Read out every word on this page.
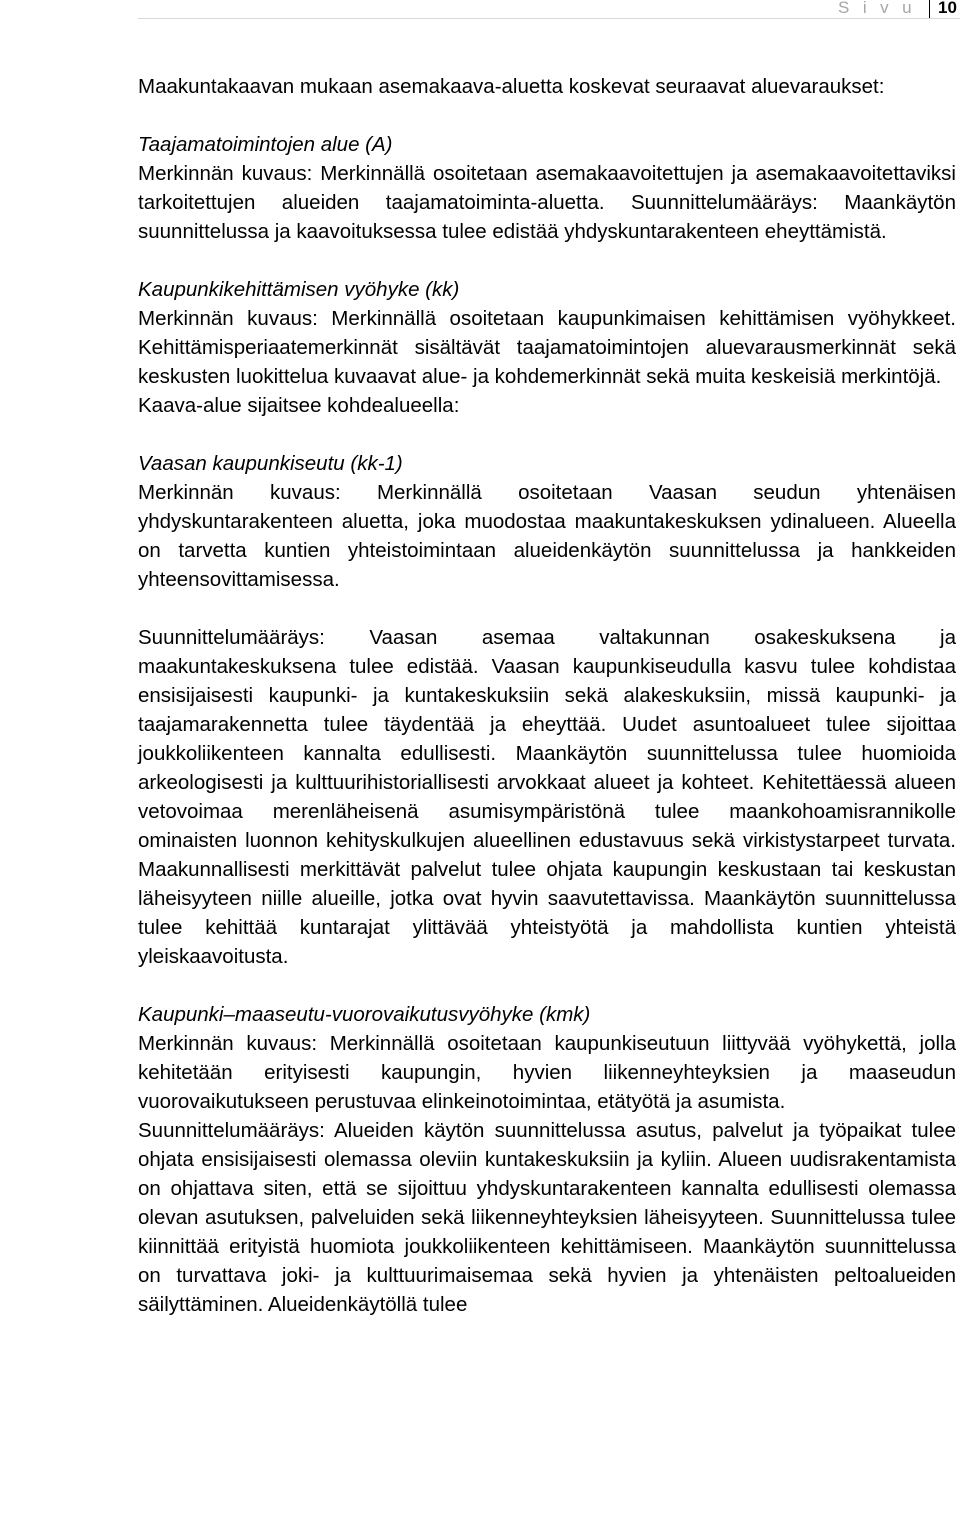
S i v u 10

Maakuntakaavan mukaan asemakaava-aluetta koskevat seuraavat aluevaraukset:

Taajamatoimintojen alue (A)

Merkinnän kuvaus: Merkinnällä osoitetaan asemakaavoitettujen ja asemakaavoitettaviksi tarkoitettujen alueiden taajamatoiminta-aluetta. Suunnittelumääräys: Maankäytön suunnittelussa ja kaavoituksessa tulee edistää yhdyskuntarakenteen eheyttämistä.

Kaupunkikehittämisen vyöhyke (kk)

Merkinnän kuvaus: Merkinnällä osoitetaan kaupunkimaisen kehittämisen vyöhykkeet. Kehittämisperiaatemerkinnät sisältävät taajamatoimintojen aluevarausmerkinnät sekä keskusten luokittelua kuvaavat alue- ja kohdemerkinnät sekä muita keskeisiä merkintöjä.

Kaava-alue sijaitsee kohdealueella:

Vaasan kaupunkiseutu (kk-1)

Merkinnän kuvaus: Merkinnällä osoitetaan Vaasan seudun yhtenäisen yhdyskuntarakenteen aluetta, joka muodostaa maakuntakeskuksen ydinalueen. Alueella on tarvetta kuntien yhteistoimintaan alueidenkäytön suunnittelussa ja hankkeiden yhteensovittamisessa.

Suunnittelumääräys: Vaasan asemaa valtakunnan osakeskuksena ja maakuntakeskuksena tulee edistää. Vaasan kaupunkiseudulla kasvu tulee kohdistaa ensisijaisesti kaupunki- ja kuntakeskuksiin sekä alakeskuksiin, missä kaupunki- ja taajamarakennetta tulee täydentää ja eheyttää. Uudet asuntoalueet tulee sijoittaa joukkoliikenteen kannalta edullisesti. Maankäytön suunnittelussa tulee huomioida arkeologisesti ja kulttuurihistoriallisesti arvokkaat alueet ja kohteet. Kehitettäessä alueen vetovoimaa merenläheisenä asumisympäristönä tulee maankohoamisrannikolle ominaisten luonnon kehityskulkujen alueellinen edustavuus sekä virkistystarpeet turvata. Maakunnallisesti merkittävät palvelut tulee ohjata kaupungin keskustaan tai keskustan läheisyyteen niille alueille, jotka ovat hyvin saavutettavissa. Maankäytön suunnittelussa tulee kehittää kuntarajat ylittävää yhteistyötä ja mahdollista kuntien yhteistä yleiskaavoitusta.

Kaupunki–maaseutu-vuorovaikutusvyöhyke (kmk)

Merkinnän kuvaus: Merkinnällä osoitetaan kaupunkiseutuun liittyvää vyöhykettä, jolla kehitetään erityisesti kaupungin, hyvien liikenneyhteyksien ja maaseudun vuorovaikutukseen perustuvaa elinkeinotoimintaa, etätyötä ja asumista.

Suunnittelumääräys: Alueiden käytön suunnittelussa asutus, palvelut ja työpaikat tulee ohjata ensisijaisesti olemassa oleviin kuntakeskuksiin ja kyliin. Alueen uudisrakentamista on ohjattava siten, että se sijoittuu yhdyskuntarakenteen kannalta edullisesti olemassa olevan asutuksen, palveluiden sekä liikenneyhteyksien läheisyyteen. Suunnittelussa tulee kiinnittää erityistä huomiota joukkoliikenteen kehittämiseen. Maankäytön suunnittelussa on turvattava joki- ja kulttuurimaisemaa sekä hyvien ja yhtenäisten peltoalueiden säilyttäminen. Alueidenkäytöllä tulee
